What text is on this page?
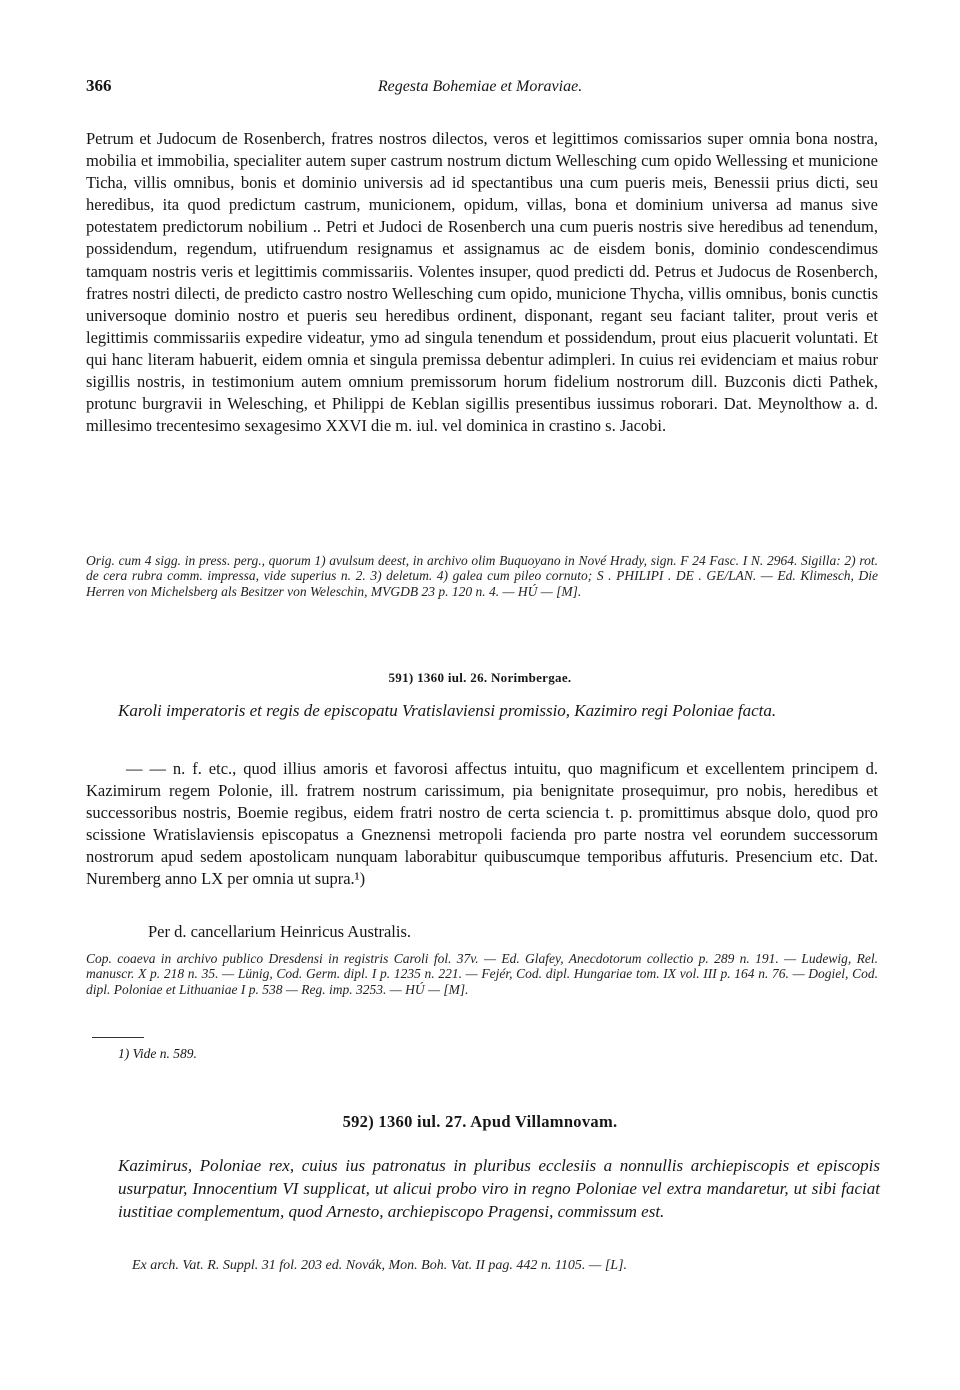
366	Regesta Bohemiae et Moraviae.

Petrum et Judocum de Rosenberch, fratres nostros dilectos, veros et legittimos comissarios super omnia bona nostra, mobilia et immobilia, specialiter autem super castrum nostrum dictum Wellesching cum opido Wellessing et municione Ticha, villis omnibus, bonis et dominio universis ad id spectantibus una cum pueris meis, Benessii prius dicti, seu heredibus, ita quod predictum castrum, municionem, opidum, villas, bona et dominium universa ad manus sive potestatem predictorum nobilium .. Petri et Judoci de Rosenberch una cum pueris nostris sive heredibus ad tenendum, possidendum, regendum, utifruendum resignamus et assignamus ac de eisdem bonis, dominio condescendimus tamquam nostris veris et legittimis commissariis. Volentes insuper, quod predicti dd. Petrus et Judocus de Rosenberch, fratres nostri dilecti, de predicto castro nostro Wellesching cum opido, municione Thycha, villis omnibus, bonis cunctis universoque dominio nostro et pueris seu heredibus ordinent, disponant, regant seu faciant taliter, prout veris et legittimis commissariis expedire videatur, ymo ad singula tenendum et possidendum, prout eius placuerit voluntati. Et qui hanc literam habuerit, eidem omnia et singula premissa debentur adimpleri. In cuius rei evidenciam et maius robur sigillis nostris, in testimonium autem omnium premissorum horum fidelium nostrorum dill. Buzconis dicti Pathek, protunc burgravii in Welesching, et Philippi de Keblan sigillis presentibus iussimus roborari. Dat. Meynolthow a. d. millesimo trecentesimo sexagesimo XXVI die m. iul. vel dominica in crastino s. Jacobi.

Orig. cum 4 sigg. in press. perg., quorum 1) avulsum deest, in archivo olim Buquoyano in Nové Hrady, sign. F 24 Fasc. I N. 2964. Sigilla: 2) rot. de cera rubra comm. impressa, vide superius n. 2. 3) deletum. 4) galea cum pileo cornuto; S . PHILIPI . DE . GE/LAN. — Ed. Klimesch, Die Herren von Michelsberg als Besitzer von Weleschin, MVGDB 23 p. 120 n. 4. — HÚ — [M].

591) 1360 iul. 26. Norimbergae.

Karoli imperatoris et regis de episcopatu Vratislaviensi promissio, Kazimiro regi Poloniae facta.

— — n. f. etc., quod illius amoris et favorosi affectus intuitu, quo magnificum et excellentem principem d. Kazimirum regem Polonie, ill. fratrem nostrum carissimum, pia benignitate prosequimur, pro nobis, heredibus et successoribus nostris, Boemie regibus, eidem fratri nostro de certa sciencia t. p. promittimus absque dolo, quod pro scissione Wratislaviensis episcopatus a Gneznensi metropoli facienda pro parte nostra vel eorundem successorum nostrorum apud sedem apostolicam nunquam laborabitur quibuscumque temporibus affuturis. Presencium etc. Dat. Nuremberg anno LX per omnia ut supra.¹)

Per d. cancellarium Heinricus Australis.

Cop. coaeva in archivo publico Dresdensi in registris Caroli fol. 37v. — Ed. Glafey, Anecdotorum collectio p. 289 n. 191. — Ludewig, Rel. manuscr. X p. 218 n. 35. — Lünig, Cod. Germ. dipl. I p. 1235 n. 221. — Fejér, Cod. dipl. Hungariae tom. IX vol. III p. 164 n. 76. — Dogiel, Cod. dipl. Poloniae et Lithuaniae I p. 538 — Reg. imp. 3253. — HÚ — [M].

1) Vide n. 589.
592) 1360 iul. 27. Apud Villamnovam.

Kazimirus, Poloniae rex, cuius ius patronatus in pluribus ecclesiis a nonnullis archiepiscopis et episcopis usurpatur, Innocentium VI supplicat, ut alicui probo viro in regno Poloniae vel extra mandaretur, ut sibi faciat iustitiae complementum, quod Arnesto, archiepiscopo Pragensi, commissum est.

Ex arch. Vat. R. Suppl. 31 fol. 203 ed. Novák, Mon. Boh. Vat. II pag. 442 n. 1105. — [L].
